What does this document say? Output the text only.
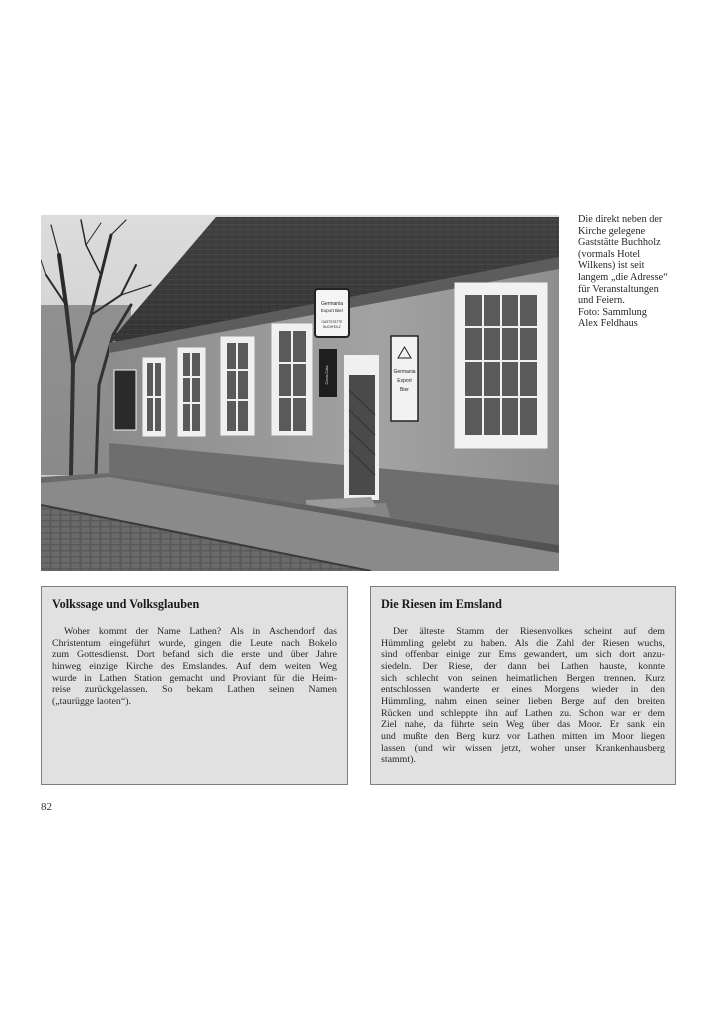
Germania
Export Bier
GASTSTÄTTE
BUCHHOLZ
Coca-Cola	Germania
Export
Bier
Die direkt neben der
Kirche gelegene
Gaststätte Buchholz
(vormals Hotel
Wilkens) ist seit
langem „die Adresse“
für Veranstaltungen
und Feiern.
Foto: Sammlung
Alex Feldhaus
Volkssage und Volksglauben
Woher kommt der Name Lathen? Als in Aschendorf das
Christentum eingeführt wurde, gingen die Leute nach Bokelo
zum Gottesdienst. Dort befand sich die erste und über Jahre
hinweg einzige Kirche des Emslandes. Auf dem weiten Weg
wurde in Lathen Station gemacht und Proviant für die Heim-
reise zurückgelassen. So bekam Lathen seinen Namen
(„taurügge laoten“).
Die Riesen im Emsland
Der älteste Stamm der Riesenvolkes scheint auf dem
Hümmling gelebt zu haben. Als die Zahl der Riesen wuchs,
sind offenbar einige zur Ems gewandert, um sich dort anzu-
siedeln. Der Riese, der dann bei Lathen hauste, konnte
sich schlecht von seinen heimatlichen Bergen trennen. Kurz
entschlossen wanderte er eines Morgens wieder in den
Hümmling, nahm einen seiner lieben Berge auf den breiten
Rücken und schleppte ihn auf Lathen zu. Schon war er dem
Ziel nahe, da führte sein Weg über das Moor. Er sank ein
und mußte den Berg kurz vor Lathen mitten im Moor liegen
lassen (und wir wissen jetzt, woher unser Krankenhausberg
stammt).
82
